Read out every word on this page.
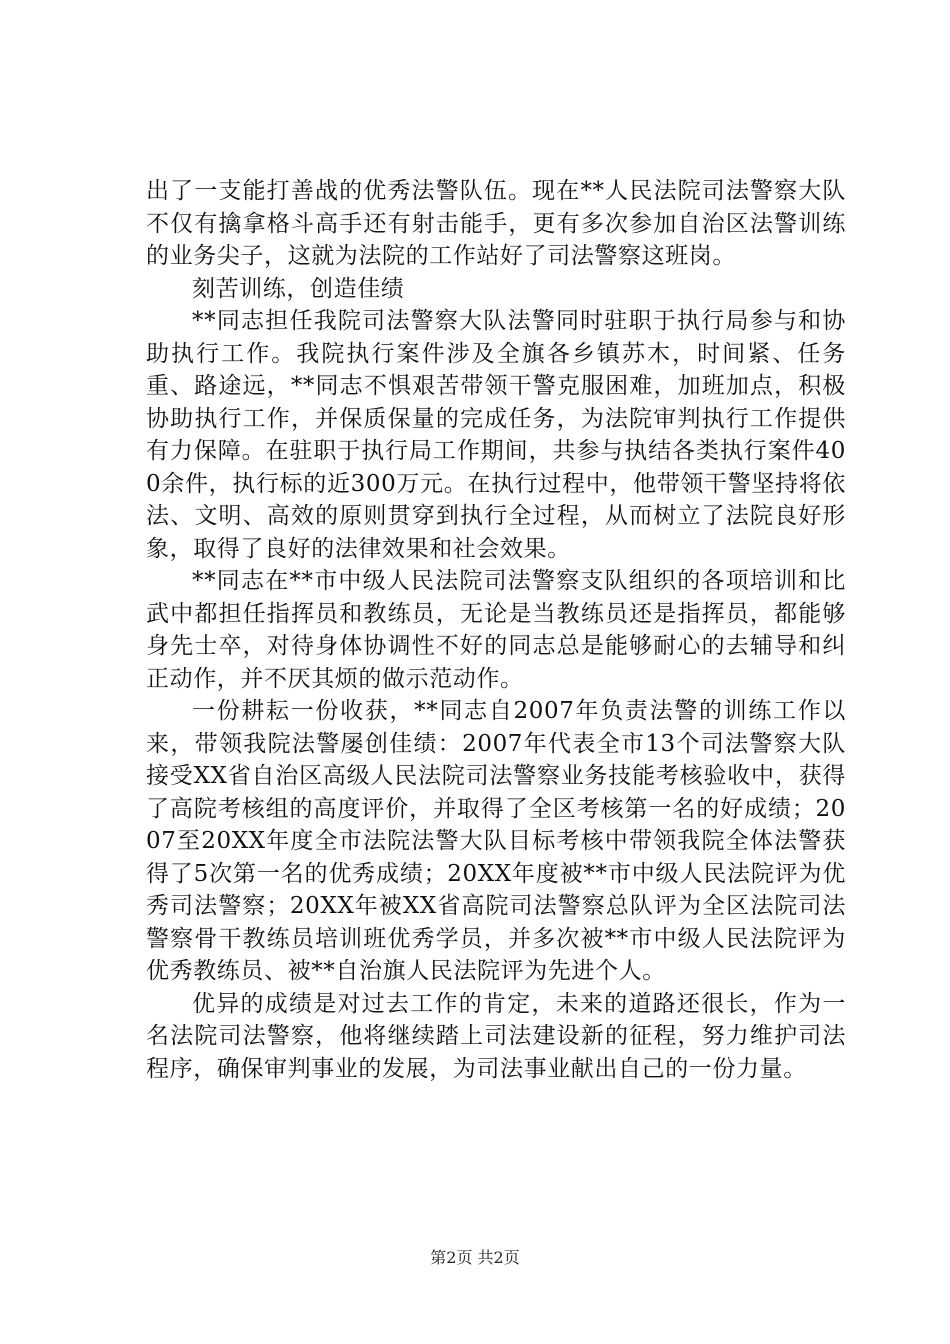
出了一支能打善战的优秀法警队伍。现在**人民法院司法警察大队不仅有擒拿格斗高手还有射击能手，更有多次参加自治区法警训练的业务尖子，这就为法院的工作站好了司法警察这班岗。

刻苦训练，创造佳绩

**同志担任我院司法警察大队法警同时驻职于执行局参与和协助执行工作。我院执行案件涉及全旗各乡镇苏木，时间紧、任务重、路途远，**同志不惧艰苦带领干警克服困难，加班加点，积极协助执行工作，并保质保量的完成任务，为法院审判执行工作提供有力保障。在驻职于执行局工作期间，共参与执结各类执行案件400余件，执行标的近300万元。在执行过程中，他带领干警坚持将依法、文明、高效的原则贯穿到执行全过程，从而树立了法院良好形象，取得了良好的法律效果和社会效果。

**同志在**市中级人民法院司法警察支队组织的各项培训和比武中都担任指挥员和教练员，无论是当教练员还是指挥员，都能够身先士卒，对待身体协调性不好的同志总是能够耐心的去辅导和纠正动作，并不厌其烦的做示范动作。

一份耕耘一份收获，**同志自2007年负责法警的训练工作以来，带领我院法警屡创佳绩：2007年代表全市13个司法警察大队接受XX省自治区高级人民法院司法警察业务技能考核验收中，获得了高院考核组的高度评价，并取得了全区考核第一名的好成绩；2007至20XX年度全市法院法警大队目标考核中带领我院全体法警获得了5次第一名的优秀成绩；20XX年度被**市中级人民法院评为优秀司法警察；20XX年被XX省高院司法警察总队评为全区法院司法警察骨干教练员培训班优秀学员，并多次被**市中级人民法院评为优秀教练员、被**自治旗人民法院评为先进个人。

优异的成绩是对过去工作的肯定，未来的道路还很长，作为一名法院司法警察，他将继续踏上司法建设新的征程，努力维护司法程序，确保审判事业的发展，为司法事业献出自己的一份力量。

第2页 共2页
